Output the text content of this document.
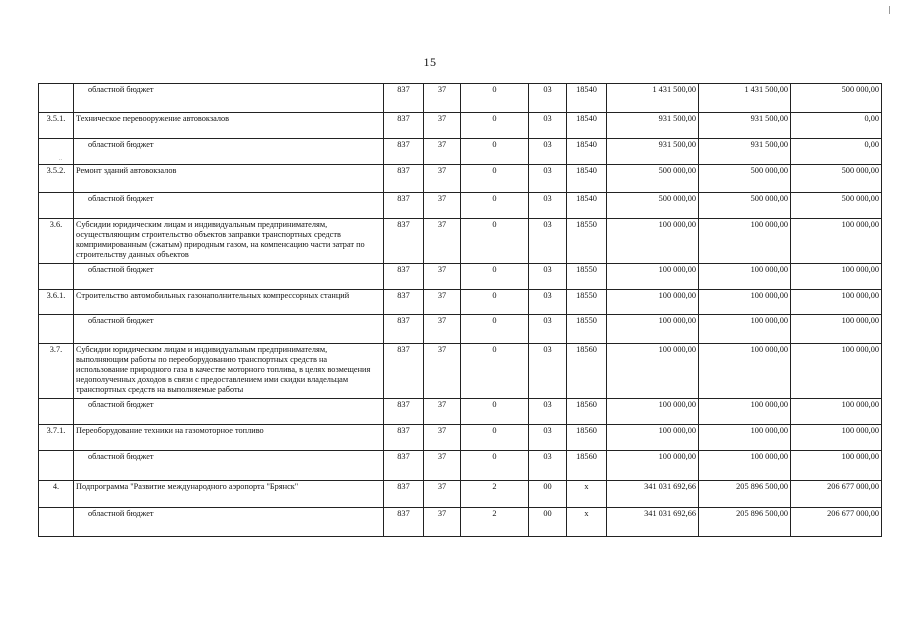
15
..
	областной бюджет	837	37	0	03	18540	1 431 500,00	1 431 500,00	500 000,00
3.5.1.	Техническое перевооружение автовокзалов	837	37	0	03	18540	931 500,00	931 500,00	0,00
	областной бюджет	837	37	0	03	18540	931 500,00	931 500,00	0,00
3.5.2.	Ремонт зданий автовокзалов	837	37	0	03	18540	500 000,00	500 000,00	500 000,00
	областной бюджет	837	37	0	03	18540	500 000,00	500 000,00	500 000,00
3.6.	Субсидии юридическим лицам и индивидуальным предпринимателям, осуществляющим строительство объектов заправки транспортных средств компримированным (сжатым) природным газом, на компенсацию части затрат по строительству данных объектов	837	37	0	03	18550	100 000,00	100 000,00	100 000,00
	областной бюджет	837	37	0	03	18550	100 000,00	100 000,00	100 000,00
3.6.1.	Строительство автомобильных газонаполнительных компрессорных станций	837	37	0	03	18550	100 000,00	100 000,00	100 000,00
	областной бюджет	837	37	0	03	18550	100 000,00	100 000,00	100 000,00
3.7.	Субсидии юридическим лицам и индивидуальным предпринимателям, выполняющим работы по переоборудованию транспортных средств на использование природного газа в качестве моторного топлива, в целях возмещения недополученных доходов в связи с предоставлением ими скидки владельцам транспортных средств на выполняемые работы	837	37	0	03	18560	100 000,00	100 000,00	100 000,00
	областной бюджет	837	37	0	03	18560	100 000,00	100 000,00	100 000,00
3.7.1.	Переоборудование техники на газомоторное топливо	837	37	0	03	18560	100 000,00	100 000,00	100 000,00
	областной бюджет	837	37	0	03	18560	100 000,00	100 000,00	100 000,00
4.	Подпрограмма "Развитие международного аэропорта "Брянск"	837	37	2	00	х	341 031 692,66	205 896 500,00	206 677 000,00
	областной бюджет	837	37	2	00	х	341 031 692,66	205 896 500,00	206 677 000,00
